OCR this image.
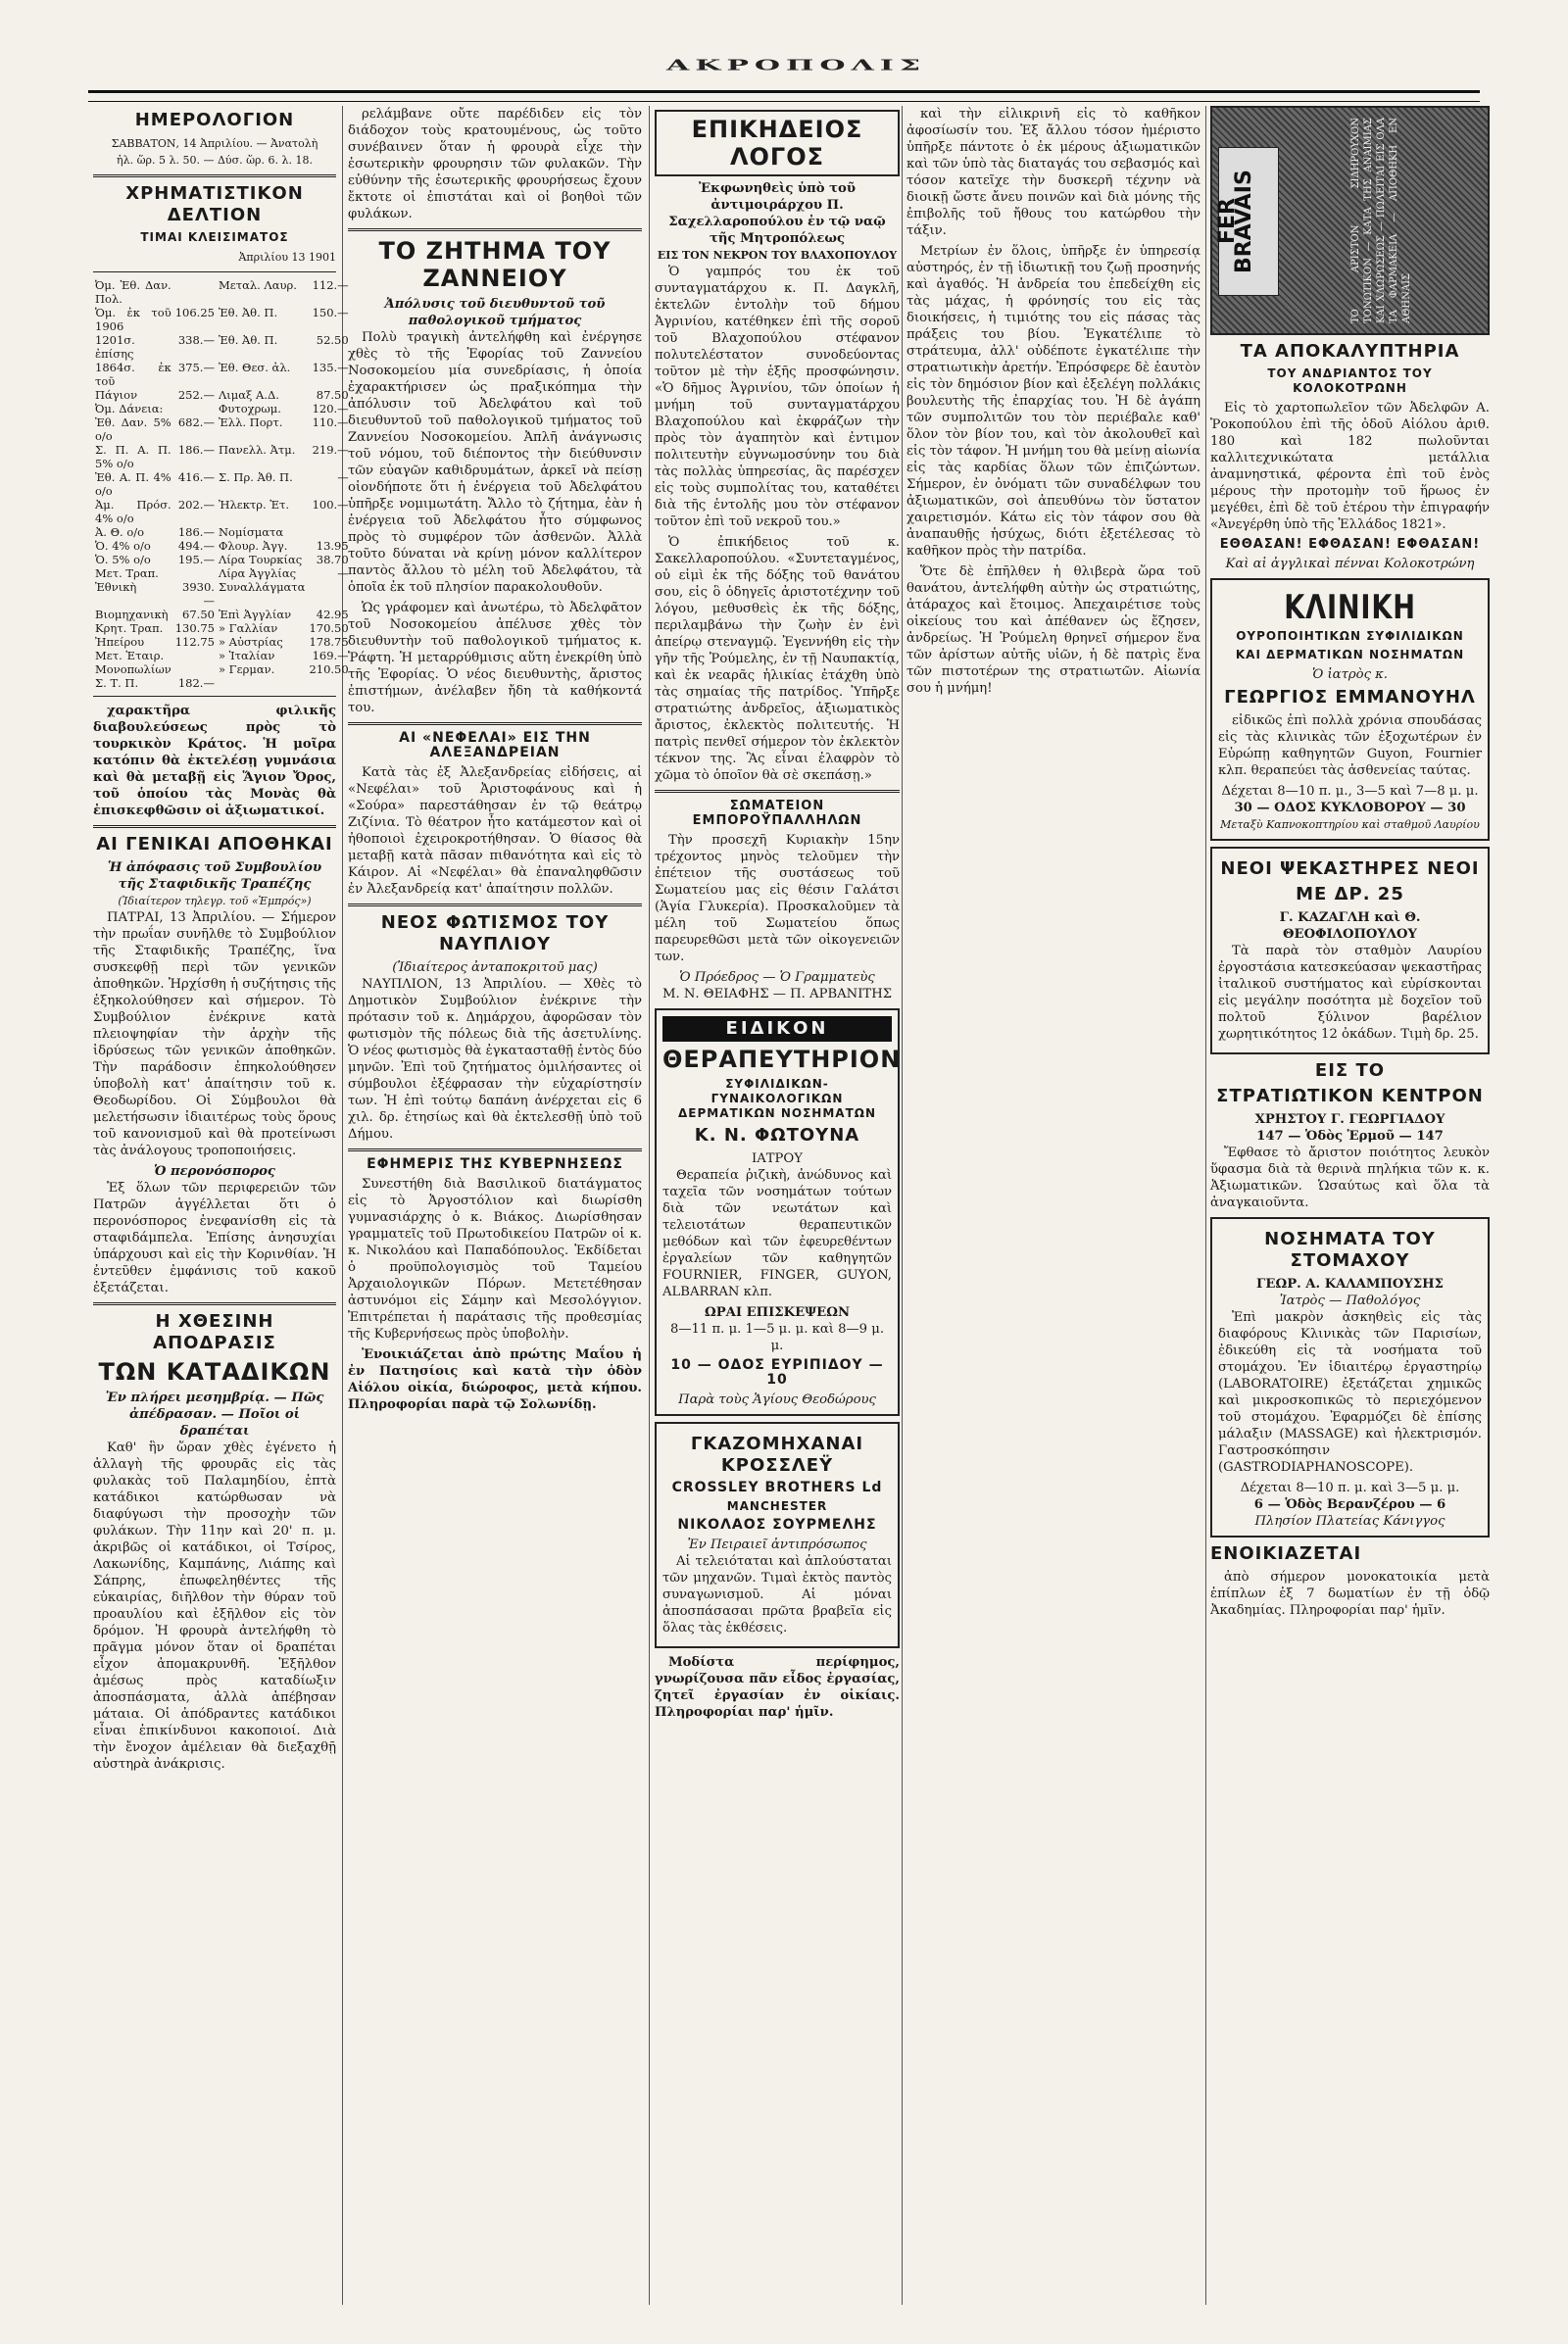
ΑΚΡΟΠΟΛΙΣ
ΗΜΕΡΟΛΟΓΙΟΝ
ΣΑΒΒΑΤΟΝ, 14 Ἀπριλίου. — Ἀνατολὴ
ἡλ. ὥρ. 5 λ. 50. — Δύσ. ὥρ. 6. λ. 18.
ΧΡΗΜΑΤΙΣΤΙΚΟΝ ΔΕΛΤΙΟΝ
ΤΙΜΑΙ ΚΛΕΙΣΙΜΑΤΟΣ
Ἀπριλίου 13 1901
Ὀμ. Ἐθ. Δαν. Πολ.		Μεταλ. Λαυρ.	112.—
Ὁμ. ἐκ τοῦ 1906	106.25	Ἑθ. Ἀθ. Π.	150.—
1201σ. ἐπίσης	338.—	Ἐθ. Ἀθ. Π.	52.50
1864σ. ἐκ τοῦ	375.—	Ἐθ. Θεσ. ἀλ.	135.—
Πάγιον	252.—	Λιμαξ Α.Δ.	87.50
Ὀμ. Δάνεια:		Φυτοχρωμ.	120.—
Ἐθ. Δαν. 5% ο/ο	682.—	Ἐλλ. Πορτ.	110.—
Σ. Π. Α. Π. 5% ο/ο	186.—	Πανελλ. Ἀτμ.	219.—
Ἐθ. Α. Π. 4% ο/ο	416.—	Σ. Πρ. Ἀθ. Π.	—
Ἀμ. Πρόσ. 4% ο/ο	202.—	Ἠλεκτρ. Ἑτ.	100.—
Ἀ. Θ. ο/ο	186.—	Νομίσματα	
Ὁ. 4% ο/ο	494.—	Φλουρ. Ἀγγ.	13.95
Ὁ. 5% ο/ο	195.—	Λίρα Τουρκίας	38.70
Μετ. Τραπ.		Λίρα Ἀγγλίας	—
Ἐθνικὴ	3930.—	Συναλλάγματα	
Βιομηχανικὴ	67.50	Ἐπὶ Ἀγγλίαν	42.95
Κρητ. Τραπ.	130.75	» Γαλλίαν	170.50
Ἠπείρου	112.75	» Αὐστρίας	178.75
Μετ. Ἑταιρ.		» Ἰταλίαν	169.—
Μονοπωλίων		» Γερμαν.	210.50
Σ. Τ. Π.	182.—		

χαρακτῆρα φιλικῆς διαβουλεύσεως πρὸς τὸ τουρκικὸν Κράτος. Ἡ μοῖρα κατόπιν θὰ ἐκτελέσῃ γυμνάσια καὶ θὰ μεταβῇ εἰς Ἅγιον Ὄρος, τοῦ ὁποίου τὰς Μονὰς θὰ ἐπισκεφθῶσιν οἱ ἀξιωματικοί.

ΑΙ ΓΕΝΙΚΑΙ ΑΠΟΘΗΚΑΙ
Ἡ ἀπόφασις τοῦ Συμβουλίου τῆς Σταφιδικῆς Τραπέζης
(Ἰδιαίτερον τηλεγρ. τοῦ «Ἐμπρός»)

ΠΑΤΡΑΙ, 13 Ἀπριλίου. — Σήμερον τὴν πρωΐαν συνῆλθε τὸ Συμβούλιον τῆς Σταφιδικῆς Τραπέζης, ἵνα συσκεφθῇ περὶ τῶν γενικῶν ἀποθηκῶν. Ἠρχίσθη ἡ συζήτησις τῆς ἐξηκολούθησεν καὶ σήμερον. Τὸ Συμβούλιον ἐνέκρινε κατὰ πλειοψηφίαν τὴν ἀρχὴν τῆς ἱδρύσεως τῶν γενικῶν ἀποθηκῶν. Τὴν παράδοσιν ἐπηκολούθησεν ὑποβολὴ κατ' ἀπαίτησιν τοῦ κ. Θεοδωρίδου. Οἱ Σύμβουλοι θὰ μελετήσωσιν ἰδιαιτέρως τοὺς ὅρους τοῦ κανονισμοῦ καὶ θὰ προτείνωσι τὰς ἀνάλογους τροποποιήσεις.

Ὁ περονόσπορος

Ἐξ ὅλων τῶν περιφερειῶν τῶν Πατρῶν ἀγγέλλεται ὅτι ὁ περονόσπορος ἐνεφανίσθη εἰς τὰ σταφιδάμπελα. Ἐπίσης ἀνησυχίαι ὑπάρχουσι καὶ εἰς τὴν Κορινθίαν. Ἡ ἐντεῦθεν ἐμφάνισις τοῦ κακοῦ ἐξετάζεται.

Η ΧΘΕΣΙΝΗ ΑΠΟΔΡΑΣΙΣ
ΤΩΝ ΚΑΤΑΔΙΚΩΝ
Ἐν πλήρει μεσημβρίᾳ. — Πῶς ἀπέδρασαν. — Ποῖοι οἱ δραπέται

Καθ' ἣν ὥραν χθὲς ἐγένετο ἡ ἀλλαγὴ τῆς φρουρᾶς εἰς τὰς φυλακὰς τοῦ Παλαμηδίου, ἑπτὰ κατάδικοι κατώρθωσαν νὰ διαφύγωσι τὴν προσοχὴν τῶν φυλάκων. Τὴν 11ην καὶ 20' π. μ. ἀκριβῶς οἱ κατάδικοι, οἱ Τσίρος, Λακωνίδης, Καμπάνης, Λιάπης καὶ Σάπρης, ἐπωφεληθέντες τῆς εὐκαιρίας, διῆλθον τὴν θύραν τοῦ προαυλίου καὶ ἐξῆλθον εἰς τὸν δρόμον. Ἡ φρουρὰ ἀντελήφθη τὸ πρᾶγμα μόνον ὅταν οἱ δραπέται εἶχον ἀπομακρυνθῆ. Ἐξῆλθον ἀμέσως πρὸς καταδίωξιν ἀποσπάσματα, ἀλλὰ ἀπέβησαν μάταια. Οἱ ἀπόδραντες κατάδικοι εἶναι ἐπικίνδυνοι κακοποιοί. Διὰ τὴν ἔνοχον ἀμέλειαν θὰ διεξαχθῇ αὐστηρὰ ἀνάκρισις.

ρελάμβανε οὔτε παρέδιδεν εἰς τὸν διάδοχον τοὺς κρατουμένους, ὡς τοῦτο συνέβαινεν ὅταν ἡ φρουρὰ εἶχε τὴν ἐσωτερικὴν φρουρησιν τῶν φυλακῶν. Τὴν εὐθύνην τῆς ἐσωτερικῆς φρουρήσεως ἔχουν ἔκτοτε οἱ ἐπιστάται καὶ οἱ βοηθοὶ τῶν φυλάκων.

ΤΟ ΖΗΤΗΜΑ ΤΟΥ ΖΑΝΝΕΙΟΥ
Ἀπόλυσις τοῦ διευθυντοῦ τοῦ παθολογικοῦ τμήματος

Πολὺ τραγικὴ ἀντελήφθη καὶ ἐνέργησε χθὲς τὸ τῆς Ἐφορίας τοῦ Ζαννείου Νοσοκομείου μία συνεδρίασις, ἡ ὁποία ἐχαρακτήρισεν ὡς πραξικόπημα τὴν ἀπόλυσιν τοῦ Ἀδελφάτου καὶ τοῦ διευθυντοῦ τοῦ παθολογικοῦ τμήματος τοῦ Ζαννείου Νοσοκομείου. Ἀπλῆ ἀνάγνωσις τοῦ νόμου, τοῦ διέποντος τὴν διεύθυνσιν τῶν εὐαγῶν καθιδρυμάτων, ἀρκεῖ νὰ πείσῃ οἱονδήποτε ὅτι ἡ ἐνέργεια τοῦ Ἀδελφάτου ὑπῆρξε νομιμωτάτη. Ἄλλο τὸ ζήτημα, ἐὰν ἡ ἐνέργεια τοῦ Ἀδελφάτου ἦτο σύμφωνος πρὸς τὸ συμφέρον τῶν ἀσθενῶν. Ἀλλὰ τοῦτο δύναται νὰ κρίνῃ μόνον καλλίτερον παντὸς ἄλλου τὸ μέλη τοῦ Ἀδελφάτου, τὰ ὁποῖα ἐκ τοῦ πλησίον παρακολουθοῦν.

Ὡς γράφομεν καὶ ἀνωτέρω, τὸ Ἀδελφᾶτον τοῦ Νοσοκομείου ἀπέλυσε χθὲς τὸν διευθυντὴν τοῦ παθολογικοῦ τμήματος κ. Ῥάφτη. Ἡ μεταρρύθμισις αὕτη ἐνεκρίθη ὑπὸ τῆς Ἐφορίας. Ὁ νέος διευθυντὴς, ἄριστος ἐπιστήμων, ἀνέλαβεν ἤδη τὰ καθήκοντά του.

ΑΙ «ΝΕΦΕΛΑΙ» ΕΙΣ ΤΗΝ ΑΛΕΞΑΝΔΡΕΙΑΝ

Κατὰ τὰς ἐξ Ἀλεξανδρείας εἰδήσεις, αἱ «Νεφέλαι» τοῦ Ἀριστοφάνους καὶ ἡ «Σούρα» παρεστάθησαν ἐν τῷ θεάτρῳ Ζιζίνια. Τὸ θέατρον ἦτο κατάμεστον καὶ οἱ ἠθοποιοὶ ἐχειροκροτήθησαν. Ὁ θίασος θὰ μεταβῇ κατὰ πᾶσαν πιθανότητα καὶ εἰς τὸ Κάιρον. Αἱ «Νεφέλαι» θὰ ἐπαναληφθῶσιν ἐν Ἀλεξανδρείᾳ κατ' ἀπαίτησιν πολλῶν.

ΝΕΟΣ ΦΩΤΙΣΜΟΣ ΤΟΥ ΝΑΥΠΛΙΟΥ
(Ἰδιαίτερος ἀνταποκριτοῦ μας)

ΝΑΥΠΛΙΟΝ, 13 Ἀπριλίου. — Χθὲς τὸ Δημοτικὸν Συμβούλιον ἐνέκρινε τὴν πρότασιν τοῦ κ. Δημάρχου, ἀφορῶσαν τὸν φωτισμὸν τῆς πόλεως διὰ τῆς ἀσετυλίνης. Ὁ νέος φωτισμὸς θὰ ἐγκατασταθῇ ἐντὸς δύο μηνῶν. Ἐπὶ τοῦ ζητήματος ὁμιλήσαντες οἱ σύμβουλοι ἐξέφρασαν τὴν εὐχαρίστησίν των. Ἡ ἐπὶ τούτῳ δαπάνη ἀνέρχεται εἰς 6 χιλ. δρ. ἐτησίως καὶ θὰ ἐκτελεσθῇ ὑπὸ τοῦ Δήμου.

ΕΦΗΜΕΡΙΣ ΤΗΣ ΚΥΒΕΡΝΗΣΕΩΣ

Συνεστήθη διὰ Βασιλικοῦ διατάγματος εἰς τὸ Ἀργοστόλιον καὶ διωρίσθη γυμνασιάρχης ὁ κ. Βιάκος. Διωρίσθησαν γραμματεῖς τοῦ Πρωτοδικείου Πατρῶν οἱ κ. κ. Νικολάου καὶ Παπαδόπουλος. Ἐκδίδεται ὁ προϋπολογισμὸς τοῦ Ταμείου Ἀρχαιολογικῶν Πόρων. Μετετέθησαν ἀστυνόμοι εἰς Σάμην καὶ Μεσολόγγιον. Ἐπιτρέπεται ἡ παράτασις τῆς προθεσμίας τῆς Κυβερνήσεως πρὸς ὑποβολὴν.

Ἐνοικιάζεται ἀπὸ πρώτης Μαΐου ἡ ἐν Πατησίοις καὶ κατὰ τὴν ὁδὸν Αἰόλου οἰκία, διώροφος, μετὰ κήπου. Πληροφορίαι παρὰ τῷ Σολωνίδῃ.

ΕΠΙΚΗΔΕΙΟΣ ΛΟΓΟΣ
Ἐκφωνηθεὶς ὑπὸ τοῦ ἀντιμοιράρχου Π. Σαχελλαροπούλου ἐν τῷ ναῷ τῆς Μητροπόλεως
ΕΙΣ ΤΟΝ ΝΕΚΡΟΝ ΤΟΥ ΒΛΑΧΟΠΟΥΛΟΥ

Ὁ γαμπρός του ἐκ τοῦ συνταγματάρχου κ. Π. Δαγκλῆ, ἐκτελῶν ἐντολὴν τοῦ δήμου Ἀγρινίου, κατέθηκεν ἐπὶ τῆς σοροῦ τοῦ Βλαχοπούλου στέφανον πολυτελέστατον συνοδεύοντας τοῦτον μὲ τὴν ἑξῆς προσφώνησιν. «Ὁ δῆμος Ἀγρινίου, τῶν ὁποίων ἡ μνήμη τοῦ συνταγματάρχου Βλαχοπούλου καὶ ἐκφράζων τὴν πρὸς τὸν ἀγαπητὸν καὶ ἐντιμον πολιτευτὴν εὐγνωμοσύνην του διὰ τὰς πολλὰς ὑπηρεσίας, ἃς παρέσχεν εἰς τοὺς συμπολίτας του, καταθέτει διὰ τῆς ἐντολῆς μου τὸν στέφανον τοῦτον ἐπὶ τοῦ νεκροῦ του.»

Ὁ ἐπικήδειος τοῦ κ. Σακελλαροπούλου. «Συντεταγμένος, οὐ εἰμὶ ἐκ τῆς δόξης τοῦ θανάτου σου, εἰς ὃ ὁδηγεῖς ἀριστοτέχνην τοῦ λόγου, μεθυσθεὶς ἐκ τῆς δόξης, περιλαμβάνω τὴν ζωὴν ἐν ἑνὶ ἀπείρῳ στεναγμῷ. Ἐγεννήθη εἰς τὴν γῆν τῆς Ῥούμελης, ἐν τῇ Ναυπακτίᾳ, καὶ ἐκ νεαρᾶς ἡλικίας ἐτάχθη ὑπὸ τὰς σημαίας τῆς πατρίδος. Ὑπῆρξε στρατιώτης ἀνδρεῖος, ἀξιωματικὸς ἄριστος, ἐκλεκτὸς πολιτευτής. Ἡ πατρὶς πενθεῖ σήμερον τὸν ἐκλεκτὸν τέκνον της. Ἂς εἶναι ἐλαφρὸν τὸ χῶμα τὸ ὁποῖον θὰ σὲ σκεπάσῃ.»

ΣΩΜΑΤΕΙΟΝ ΕΜΠΟΡΟΫΠΑΛΛΗΛΩΝ

Τὴν προσεχῆ Κυριακὴν 15ην τρέχοντος μηνὸς τελοῦμεν τὴν ἐπέτειον τῆς συστάσεως τοῦ Σωματείου μας εἰς θέσιν Γαλάτσι (Ἁγία Γλυκερία). Προσκαλοῦμεν τὰ μέλη τοῦ Σωματείου ὅπως παρευρεθῶσι μετὰ τῶν οἰκογενειῶν των.

Ὁ Πρόεδρος — Ὁ Γραμματεὺς
Μ. Ν. ΘΕΙΑΦΗΣ — Π. ΑΡΒΑΝΙΤΗΣ
ΕΙΔΙΚΟΝ
ΘΕΡΑΠΕΥΤΗΡΙΟΝ
ΣΥΦΙΛΙΔΙΚΩΝ-ΓΥΝΑΙΚΟΛΟΓΙΚΩΝ ΔΕΡΜΑΤΙΚΩΝ ΝΟΣΗΜΑΤΩΝ
Κ. Ν. ΦΩΤΟΥΝΑ
ΙΑΤΡΟΥ

Θεραπεία ῥιζικὴ, ἀνώδυνος καὶ ταχεῖα τῶν νοσημάτων τούτων διὰ τῶν νεωτάτων καὶ τελειοτάτων θεραπευτικῶν μεθόδων καὶ τῶν ἐφευρεθέντων ἐργαλείων τῶν καθηγητῶν FOURNIER, FINGER, GUYON, ALBARRAN κλπ.

ΩΡΑΙ ΕΠΙΣΚΕΨΕΩΝ
8—11 π. μ. 1—5 μ. μ. καὶ 8—9 μ. μ.
10 — ΟΔΟΣ ΕΥΡΙΠΙΔΟΥ — 10
Παρὰ τοὺς Ἁγίους Θεοδώρους
ΓΚΑΖΟΜΗΧΑΝΑΙ ΚΡΟΣΣΛΕΫ
CROSSLEY BROTHERS Ld
MANCHESTER
ΝΙΚΟΛΑΟΣ ΣΟΥΡΜΕΛΗΣ
Ἐν Πειραιεῖ ἀντιπρόσωπος

Αἱ τελειόταται καὶ ἁπλούσταται τῶν μηχανῶν. Τιμαὶ ἐκτὸς παντὸς συναγωνισμοῦ. Αἱ μόναι ἀποσπάσασαι πρῶτα βραβεῖα εἰς ὅλας τὰς ἐκθέσεις.

Μοδίστα περίφημος, γνωρίζουσα πᾶν εἶδος ἐργασίας, ζητεῖ ἐργασίαν ἐν οἰκίαις. Πληροφορίαι παρ' ἡμῖν.

καὶ τὴν εἰλικρινῆ εἰς τὸ καθῆκον ἀφοσίωσίν του. Ἐξ ἄλλου τόσον ἠμέριστο ὑπῆρξε πάντοτε ὁ ἐκ μέρους ἀξιωματικῶν καὶ τῶν ὑπὸ τὰς διαταγάς του σεβασμός καὶ τόσον κατεῖχε τὴν δυσκερῆ τέχνην νὰ διοικῇ ὥστε ἄνευ ποινῶν καὶ διὰ μόνης τῆς ἐπιβολῆς τοῦ ἤθους του κατώρθου τὴν τάξιν.

Μετρίων ἐν ὅλοις, ὑπῆρξε ἐν ὑπηρεσίᾳ αὐστηρός, ἐν τῇ ἰδιωτικῇ του ζωῇ προσηνής καὶ ἀγαθός. Ἡ ἀνδρεία του ἐπεδείχθη εἰς τὰς μάχας, ἡ φρόνησίς του εἰς τὰς διοικήσεις, ἡ τιμιότης του εἰς πάσας τὰς πράξεις του βίου. Ἐγκατέλιπε τὸ στράτευμα, ἀλλ' οὐδέποτε ἐγκατέλιπε τὴν στρατιωτικὴν ἀρετήν. Ἐπρόσφερε δὲ ἑαυτὸν εἰς τὸν δημόσιον βίον καὶ ἐξελέγη πολλάκις βουλευτὴς τῆς ἐπαρχίας του. Ἡ δὲ ἀγάπη τῶν συμπολιτῶν του τὸν περιέβαλε καθ' ὅλον τὸν βίον του, καὶ τὸν ἀκολουθεῖ καὶ εἰς τὸν τάφον. Ἡ μνήμη του θὰ μείνῃ αἰωνία εἰς τὰς καρδίας ὅλων τῶν ἐπιζώντων. Σήμερον, ἐν ὀνόματι τῶν συναδέλφων του ἀξιωματικῶν, σοὶ ἀπευθύνω τὸν ὕστατον χαιρετισμόν. Κάτω εἰς τὸν τάφον σου θὰ ἀναπαυθῇς ἡσύχως, διότι ἐξετέλεσας τὸ καθῆκον πρὸς τὴν πατρίδα.

Ὅτε δὲ ἐπῆλθεν ἡ θλιβερὰ ὥρα τοῦ θανάτου, ἀντελήφθη αὐτὴν ὡς στρατιώτης, ἀτάραχος καὶ ἔτοιμος. Ἀπεχαιρέτισε τοὺς οἰκείους του καὶ ἀπέθανεν ὡς ἔζησεν, ἀνδρείως. Ἡ Ῥούμελη θρηνεῖ σήμερον ἕνα τῶν ἀρίστων αὐτῆς υἱῶν, ἡ δὲ πατρὶς ἕνα τῶν πιστοτέρων της στρατιωτῶν. Αἰωνία σου ἡ μνήμη!

FER BRAVAIS	ΤΟ ΑΡΙΣΤΟΝ ΣΙΔΗΡΟΥΧΟΝ ΤΟΝΩΤΙΚΟΝ — ΚΑΤΑ ΤΗΣ ΑΝΑΙΜΙΑΣ ΚΑΙ ΧΛΩΡΩΣΕΩΣ — ΠΩΛΕΙΤΑΙ ΕΙΣ ΟΛΑ ΤΑ ΦΑΡΜΑΚΕΙΑ — ΑΠΟΘΗΚΗ ΕΝ ΑΘΗΝΑΙΣ
ΤΑ ΑΠΟΚΑΛΥΠΤΗΡΙΑ
ΤΟΥ ΑΝΔΡΙΑΝΤΟΣ ΤΟΥ ΚΟΛΟΚΟΤΡΩΝΗ

Εἰς τὸ χαρτοπωλεῖον τῶν Ἀδελφῶν Α. Ῥοκοπούλου ἐπὶ τῆς ὁδοῦ Αἰόλου ἀριθ. 180 καὶ 182 πωλοῦνται καλλιτεχνικώτατα μετάλλια ἀναμνηστικά, φέροντα ἐπὶ τοῦ ἑνὸς μέρους τὴν προτομὴν τοῦ ἥρωος ἐν μεγέθει, ἐπὶ δὲ τοῦ ἑτέρου τὴν ἐπιγραφήν «Ἀνεγέρθη ὑπὸ τῆς Ἑλλάδος 1821».

ΕΘΘΑΣΑΝ! ΕΦΘΑΣΑΝ! ΕΦΘΑΣΑΝ!
Καὶ αἱ ἀγγλικαὶ πένναι Κολοκοτρώνη
ΚΛΙΝΙΚΗ
ΟΥΡΟΠΟΙΗΤΙΚΩΝ ΣΥΦΙΛΙΔΙΚΩΝ
ΚΑΙ ΔΕΡΜΑΤΙΚΩΝ ΝΟΣΗΜΑΤΩΝ
Ὁ ἰατρὸς κ.
ΓΕΩΡΓΙΟΣ ΕΜΜΑΝΟΥΗΛ

εἰδικῶς ἐπὶ πολλὰ χρόνια σπουδάσας εἰς τὰς κλινικὰς τῶν ἐξοχωτέρων ἐν Εὐρώπῃ καθηγητῶν Guyon, Fournier κλπ. θεραπεύει τὰς ἀσθενείας ταύτας.

Δέχεται 8—10 π. μ., 3—5 καὶ 7—8 μ. μ.
30 — ΟΔΟΣ ΚΥΚΛΟΒΟΡΟΥ — 30
Μεταξὺ Καπνοκοπτηρίου καὶ σταθμοῦ Λαυρίου
ΝΕΟΙ ΨΕΚΑΣΤΗΡΕΣ ΝΕΟΙ
ΜΕ ΔΡ. 25
Γ. ΚΑΖΑΓΛΗ καὶ Θ. ΘΕΟΦΙΛΟΠΟΥΛΟΥ

Τὰ παρὰ τὸν σταθμὸν Λαυρίου ἐργοστάσια κατεσκεύασαν ψεκαστῆρας ἰταλικοῦ συστήματος καὶ εὐρίσκονται εἰς μεγάλην ποσότητα μὲ δοχεῖον τοῦ πολτοῦ ξύλινον βαρέλιον χωρητικότητος 12 ὀκάδων. Τιμὴ δρ. 25.

ΕΙΣ ΤΟ
ΣΤΡΑΤΙΩΤΙΚΟΝ ΚΕΝΤΡΟΝ
ΧΡΗΣΤΟΥ Γ. ΓΕΩΡΓΙΑΔΟΥ
147 — Ὁδὸς Ἑρμοῦ — 147

Ἔφθασε τὸ ἄριστον ποιότητος λευκὸν ὕφασμα διὰ τὰ θερινὰ πηλήκια τῶν κ. κ. Ἀξιωματικῶν. Ὡσαύτως καὶ ὅλα τὰ ἀναγκαιοῦντα.

ΝΟΣΗΜΑΤΑ ΤΟΥ ΣΤΟΜΑΧΟΥ
ΓΕΩΡ. Α. ΚΑΛΑΜΠΟΥΣΗΣ
Ἰατρὸς — Παθολόγος

Ἐπὶ μακρὸν ἀσκηθεὶς εἰς τὰς διαφόρους Κλινικὰς τῶν Παρισίων, ἐδικεύθη εἰς τὰ νοσήματα τοῦ στομάχου. Ἐν ἰδιαιτέρῳ ἐργαστηρίῳ (LABORATOIRE) ἐξετάζεται χημικῶς καὶ μικροσκοπικῶς τὸ περιεχόμενον τοῦ στομάχου. Ἐφαρμόζει δὲ ἐπίσης μάλαξιν (MASSAGE) καὶ ἠλεκτρισμόν. Γαστροσκόπησιν (GASTRODIAPHANOSCOPE).

Δέχεται 8—10 π. μ. καὶ 3—5 μ. μ.
6 — Ὁδὸς Βερανζέρου — 6
Πλησίον Πλατείας Κάνιγγος
ΕΝΟΙΚΙΑΖΕΤΑΙ

ἀπὸ σήμερον μονοκατοικία μετὰ ἐπίπλων ἐξ 7 δωματίων ἐν τῇ ὁδῷ Ἀκαδημίας. Πληροφορίαι παρ' ἡμῖν.
